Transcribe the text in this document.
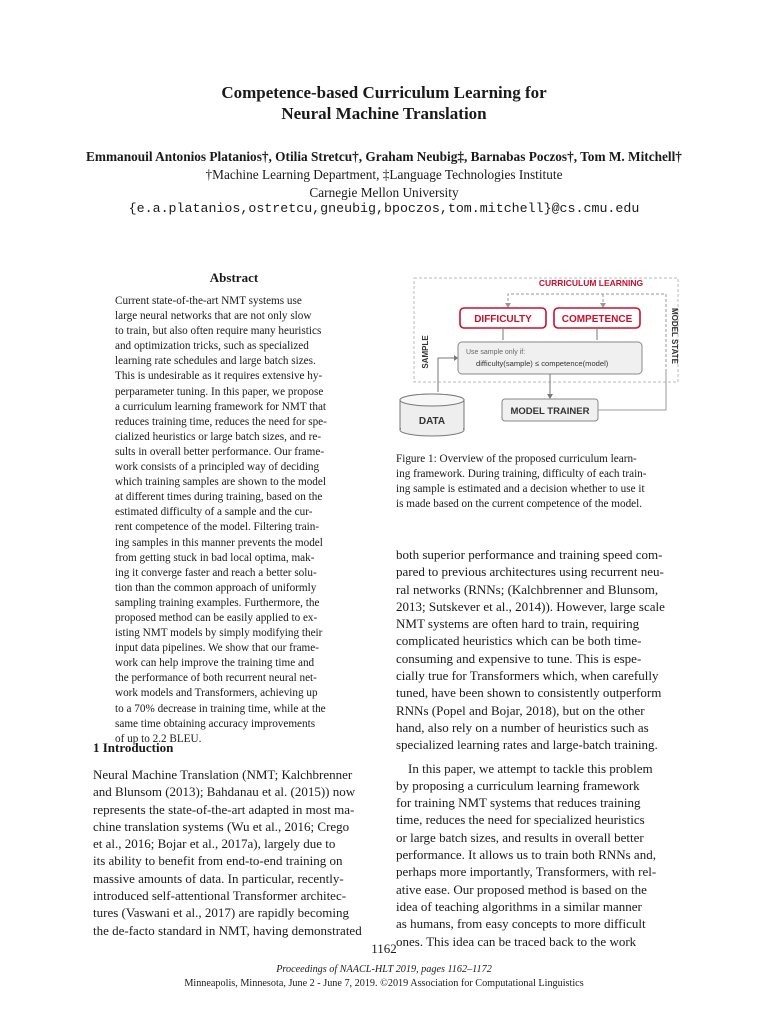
Competence-based Curriculum Learning for
Neural Machine Translation
Emmanouil Antonios Platanios†, Otilia Stretcu†, Graham Neubig‡, Barnabas Poczos†, Tom M. Mitchell†
†Machine Learning Department, ‡Language Technologies Institute
Carnegie Mellon University
{e.a.platanios,ostretcu,gneubig,bpoczos,tom.mitchell}@cs.cmu.edu
Abstract
Current state-of-the-art NMT systems use
large neural networks that are not only slow
to train, but also often require many heuristics
and optimization tricks, such as specialized
learning rate schedules and large batch sizes.
This is undesirable as it requires extensive hy-
perparameter tuning. In this paper, we propose
a curriculum learning framework for NMT that
reduces training time, reduces the need for spe-
cialized heuristics or large batch sizes, and re-
sults in overall better performance. Our frame-
work consists of a principled way of deciding
which training samples are shown to the model
at different times during training, based on the
estimated difficulty of a sample and the cur-
rent competence of the model. Filtering train-
ing samples in this manner prevents the model
from getting stuck in bad local optima, mak-
ing it converge faster and reach a better solu-
tion than the common approach of uniformly
sampling training examples. Furthermore, the
proposed method can be easily applied to ex-
isting NMT models by simply modifying their
input data pipelines. We show that our frame-
work can help improve the training time and
the performance of both recurrent neural net-
work models and Transformers, achieving up
to a 70% decrease in training time, while at the
same time obtaining accuracy improvements
of up to 2.2 BLEU.
1 Introduction
Neural Machine Translation (NMT; Kalchbrenner
and Blunsom (2013); Bahdanau et al. (2015)) now
represents the state-of-the-art adapted in most ma-
chine translation systems (Wu et al., 2016; Crego
et al., 2016; Bojar et al., 2017a), largely due to
its ability to benefit from end-to-end training on
massive amounts of data. In particular, recently-
introduced self-attentional Transformer architec-
tures (Vaswani et al., 2017) are rapidly becoming
the de-facto standard in NMT, having demonstrated
CURRICULUM LEARNING
DIFFICULTY	COMPETENCE
Use sample only if:
difficulty(sample) ≤ competence(model)
SAMPLE	MODEL STATE
DATA
MODEL TRAINER
Figure 1: Overview of the proposed curriculum learn-
ing framework. During training, difficulty of each train-
ing sample is estimated and a decision whether to use it
is made based on the current competence of the model.
both superior performance and training speed com-
pared to previous architectures using recurrent neu-
ral networks (RNNs; (Kalchbrenner and Blunsom,
2013; Sutskever et al., 2014)). However, large scale
NMT systems are often hard to train, requiring
complicated heuristics which can be both time-
consuming and expensive to tune. This is espe-
cially true for Transformers which, when carefully
tuned, have been shown to consistently outperform
RNNs (Popel and Bojar, 2018), but on the other
hand, also rely on a number of heuristics such as
specialized learning rates and large-batch training.
In this paper, we attempt to tackle this problem
by proposing a curriculum learning framework
for training NMT systems that reduces training
time, reduces the need for specialized heuristics
or large batch sizes, and results in overall better
performance. It allows us to train both RNNs and,
perhaps more importantly, Transformers, with rel-
ative ease. Our proposed method is based on the
idea of teaching algorithms in a similar manner
as humans, from easy concepts to more difficult
ones. This idea can be traced back to the work
1162
Proceedings of NAACL-HLT 2019, pages 1162–1172
Minneapolis, Minnesota, June 2 - June 7, 2019. ©2019 Association for Computational Linguistics
